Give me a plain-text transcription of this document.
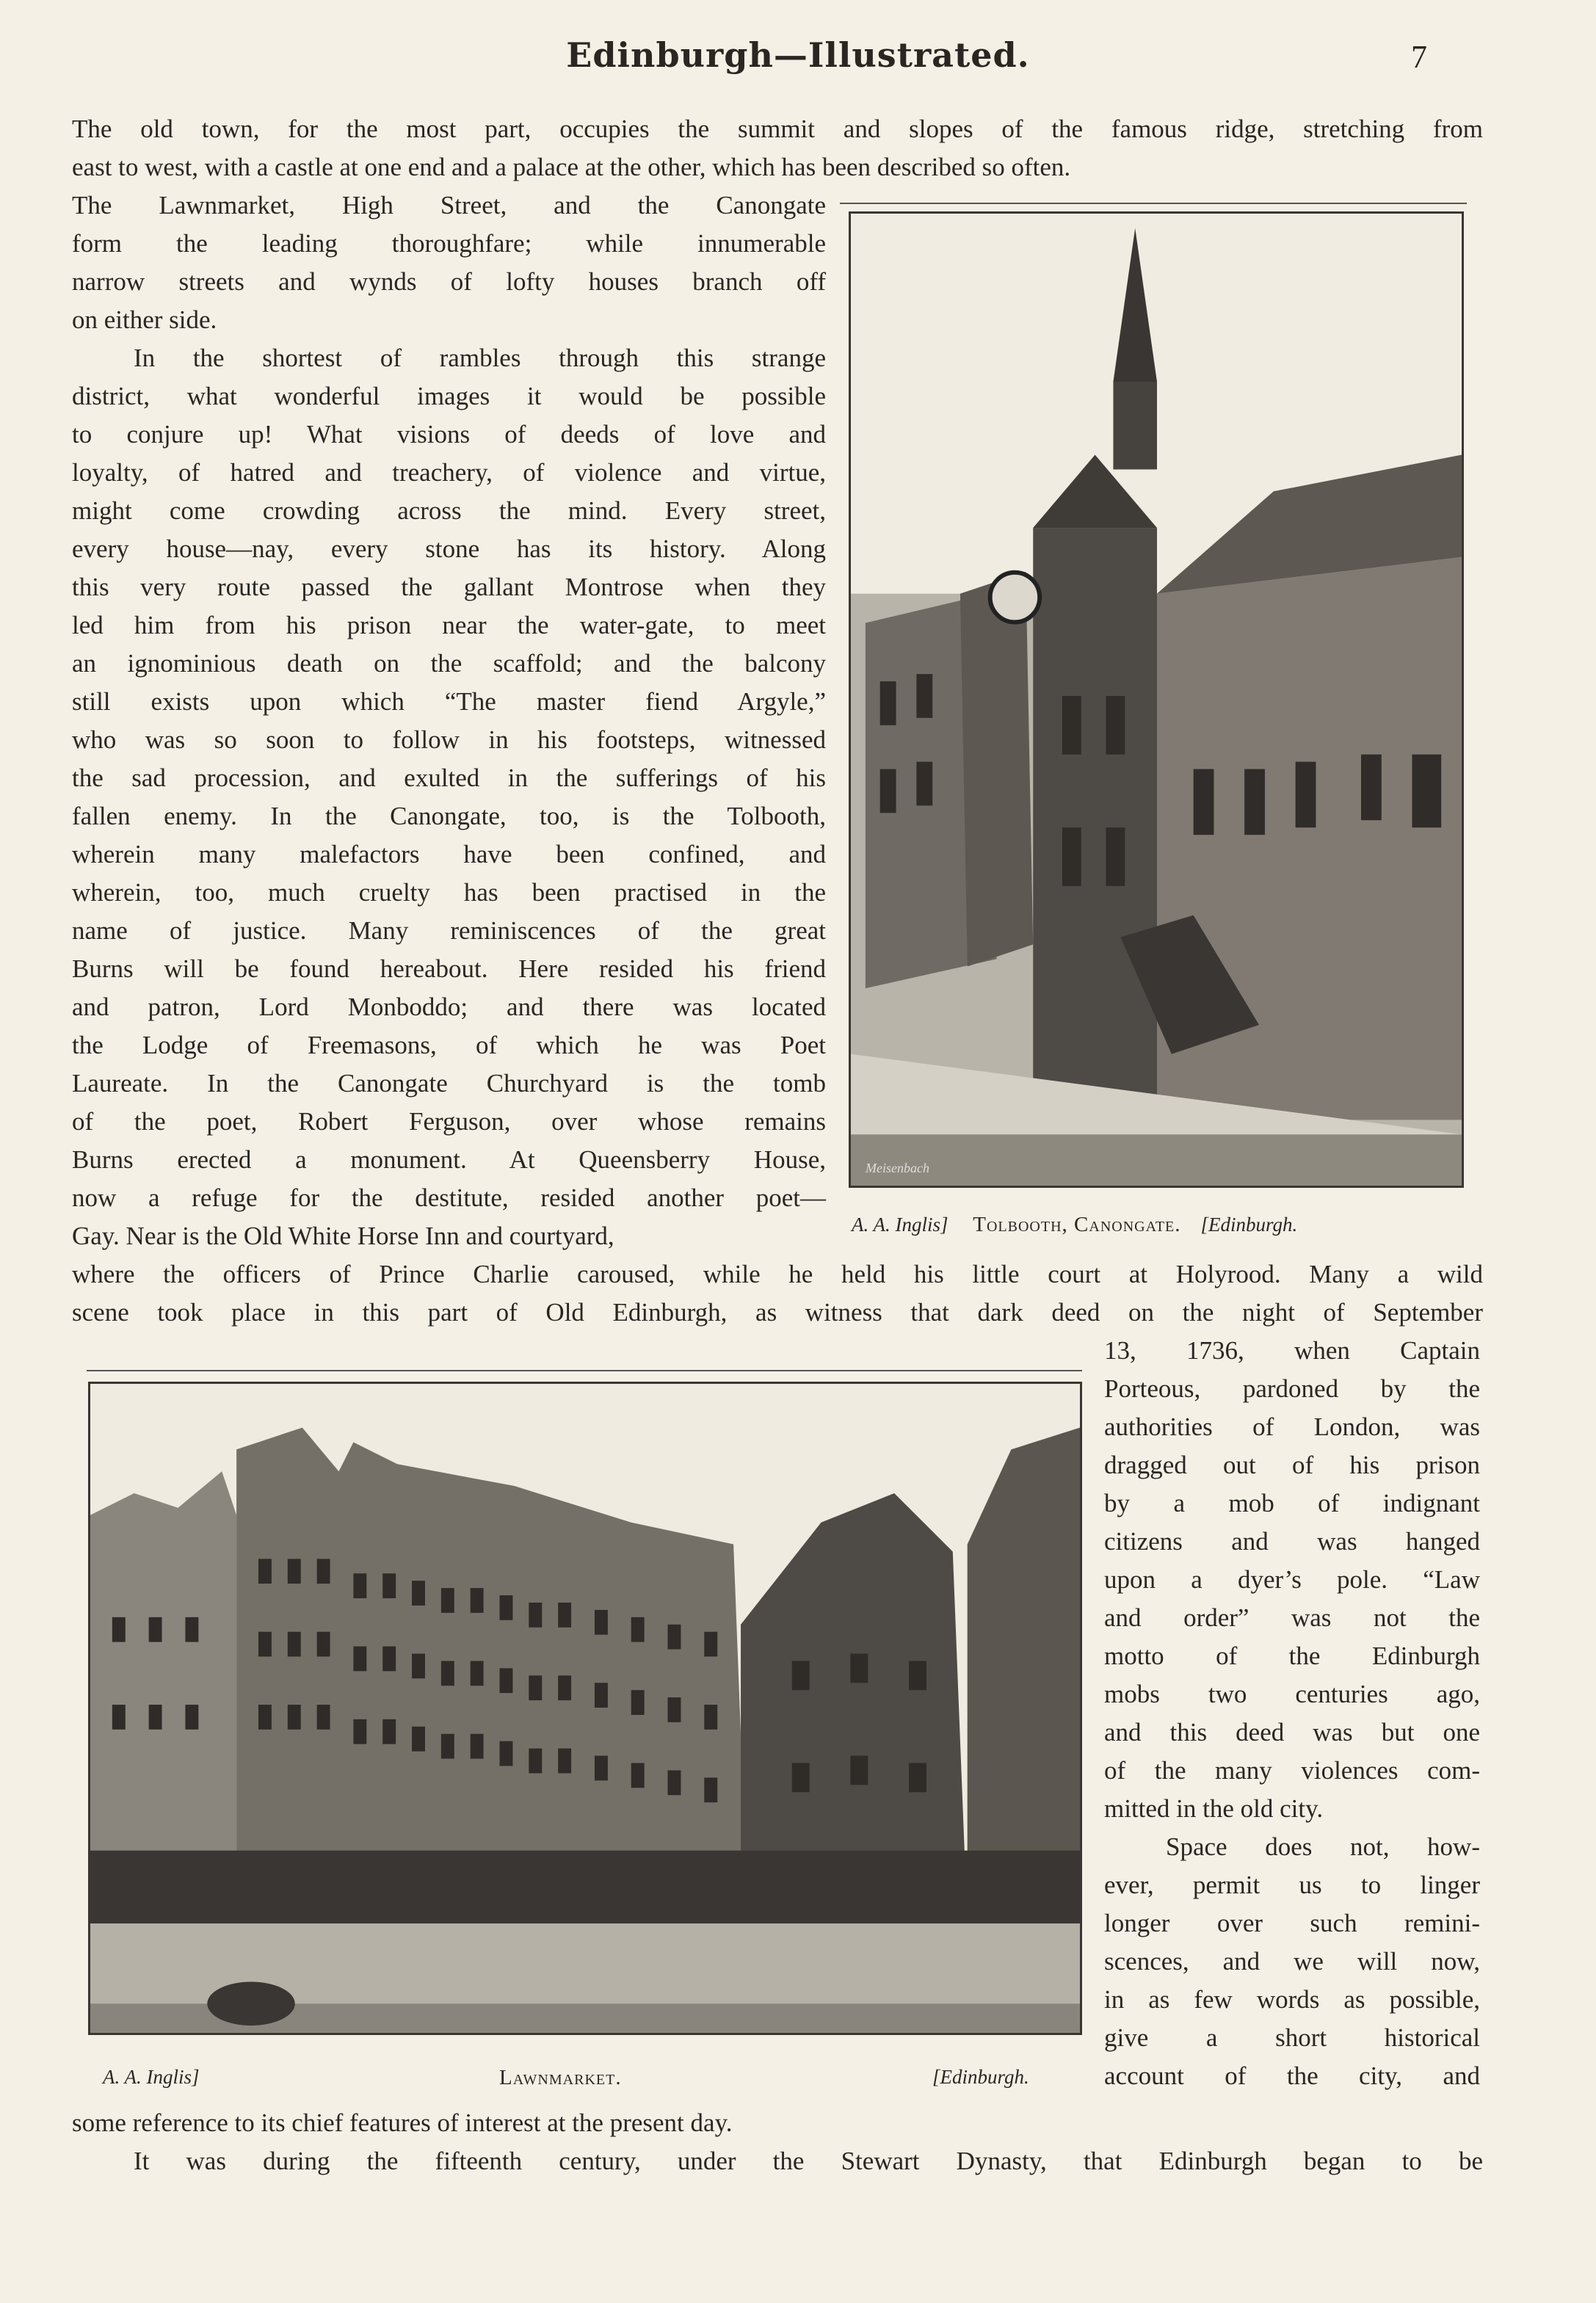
Edinburgh—Illustrated.	7
The old town, for the most part, occupies the summit and slopes of the famous ridge, stretching from
east to west, with a castle at one end and a palace at the other, which has been described so often.
The Lawnmarket, High Street, and the Canongate
form the leading thoroughfare; while innumerable
narrow streets and wynds of lofty houses branch off
on either side.
In the shortest of rambles through this strange
district, what wonderful images it would be possible
to conjure up! What visions of deeds of love and
loyalty, of hatred and treachery, of violence and virtue,
might come crowding across the mind. Every street,
every house—nay, every stone has its history. Along
this very route passed the gallant Montrose when they
led him from his prison near the water-gate, to meet
an ignominious death on the scaffold; and the balcony
still exists upon which “The master fiend Argyle,”
who was so soon to follow in his footsteps, witnessed
the sad procession, and exulted in the sufferings of his
fallen enemy. In the Canongate, too, is the Tolbooth,
wherein many malefactors have been confined, and
wherein, too, much cruelty has been practised in the
name of justice. Many reminiscences of the great
Burns will be found hereabout. Here resided his friend
and patron, Lord Monboddo; and there was located
the Lodge of Freemasons, of which he was Poet
Laureate. In the Canongate Churchyard is the tomb
of the poet, Robert Ferguson, over whose remains
Burns erected a monument. At Queensberry House,
now a refuge for the destitute, resided another poet—
Gay. Near is the Old White Horse Inn and courtyard,
Meisenbach
A. A. Inglis] Tolbooth, Canongate. [Edinburgh.
where the officers of Prince Charlie caroused, while he held his little court at Holyrood. Many a wild
scene took place in this part of Old Edinburgh, as witness that dark deed on the night of September
A. A. Inglis]	Lawnmarket.	[Edinburgh.
13, 1736, when Captain
Porteous, pardoned by the
authorities of London, was
dragged out of his prison
by a mob of indignant
citizens and was hanged
upon a dyer’s pole. “Law
and order” was not the
motto of the Edinburgh
mobs two centuries ago,
and this deed was but one
of the many violences com-
mitted in the old city.
Space does not, how-
ever, permit us to linger
longer over such remini-
scences, and we will now,
in as few words as possible,
give a short historical
account of the city, and
some reference to its chief features of interest at the present day.
It was during the fifteenth century, under the Stewart Dynasty, that Edinburgh began to be
